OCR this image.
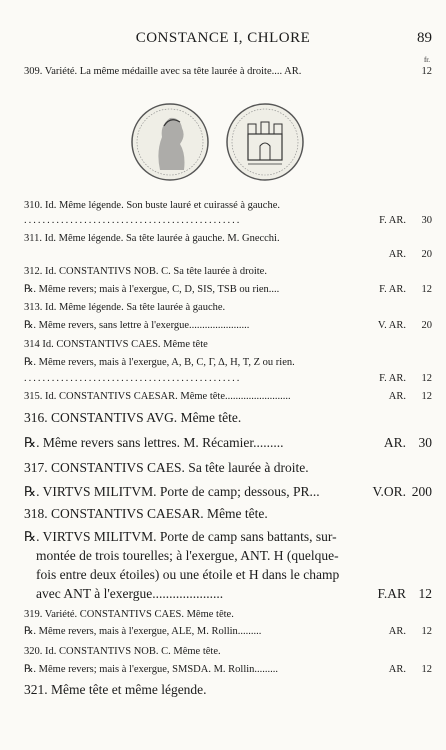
CONSTANCE I, CHLORE	89
fr.
309. Variété. La même médaille avec sa tête laurée à droite.... AR.	12
310. Id. Même légende. Son buste lauré et cuirassé à gauche.
...............................................	F. AR. 30
311. Id. Même légende. Sa tête laurée à gauche. M. Gnecchi.
AR. 20
312. Id. CONSTANTIVS NOB. C. Sa tête laurée à droite.
℞. Même revers; mais à l'exergue, C, D, SIS, TSB ou rien....	F. AR. 12
313. Id. Même légende. Sa tête laurée à gauche.
℞. Même revers, sans lettre à l'exergue.......................	V. AR. 20
314 Id. CONSTANTIVS CAES. Même tête
℞. Même revers, mais à l'exergue, A, B, C, Γ, Δ, H, T, Z ou rien.
...............................................	F. AR. 12
315. Id. CONSTANTIVS CAESAR. Même tête.........................	AR. 12
316. CONSTANTIVS AVG. Même tête.
℞. Même revers sans lettres. M. Récamier.........	AR. 30
317. CONSTANTIVS CAES. Sa tête laurée à droite.
℞. VIRTVS MILITVM. Porte de camp; dessous, PR...	V.OR. 200
318. CONSTANTIVS CAESAR. Même tête.
℞. VIRTVS MILITVM. Porte de camp sans battants, sur-
montée de trois tourelles; à l'exergue, ANT. H (quelque-
fois entre deux étoiles) ou une étoile et H dans le champ
avec ANT à l'exergue.....................	F.AR 12
319. Variété. CONSTANTIVS CAES. Même tête.
℞. Même revers, mais à l'exergue, ALE, M. Rollin.........	AR. 12
320. Id. CONSTANTIVS NOB. C. Même tête.
℞. Même revers; mais à l'exergue, SMSDA. M. Rollin.........	AR. 12
321. Même tête et même légende.
